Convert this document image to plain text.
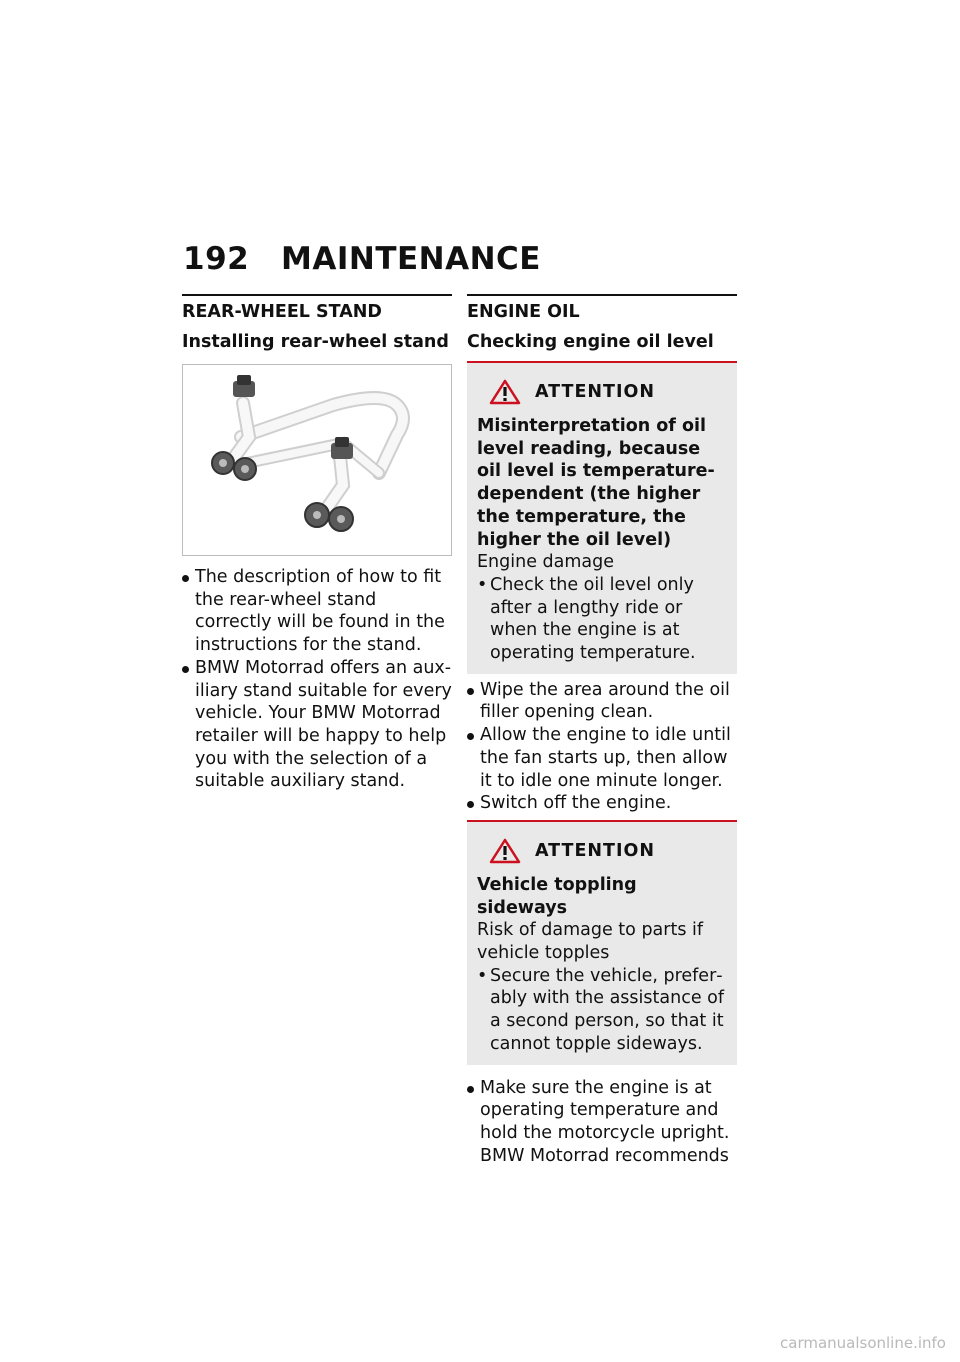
192 MAINTENANCE
REAR-WHEEL STAND
Installing rear-wheel stand
The description of how to fit the rear-wheel stand correctly will be found in the instructions for the stand.
BMW Motorrad offers an auxiliary stand suitable for every vehicle. Your BMW Motorrad retailer will be happy to help you with the selection of a suitable auxiliary stand.
ENGINE OIL
Checking engine oil level
ATTENTION

Misinterpretation of oil level reading, because oil level is temperature-dependent (the higher the temperature, the higher the oil level)

Engine damage

• Check the oil level only after a lengthy ride or when the engine is at operating temperature.
Wipe the area around the oil filler opening clean.
Allow the engine to idle until the fan starts up, then allow it to idle one minute longer.
Switch off the engine.
ATTENTION

Vehicle toppling sideways

Risk of damage to parts if vehicle topples

• Secure the vehicle, preferably with the assistance of a second person, so that it cannot topple sideways.
Make sure the engine is at operating temperature and hold the motorcycle upright. BMW Motorrad recommends
carmanualsonline.info
